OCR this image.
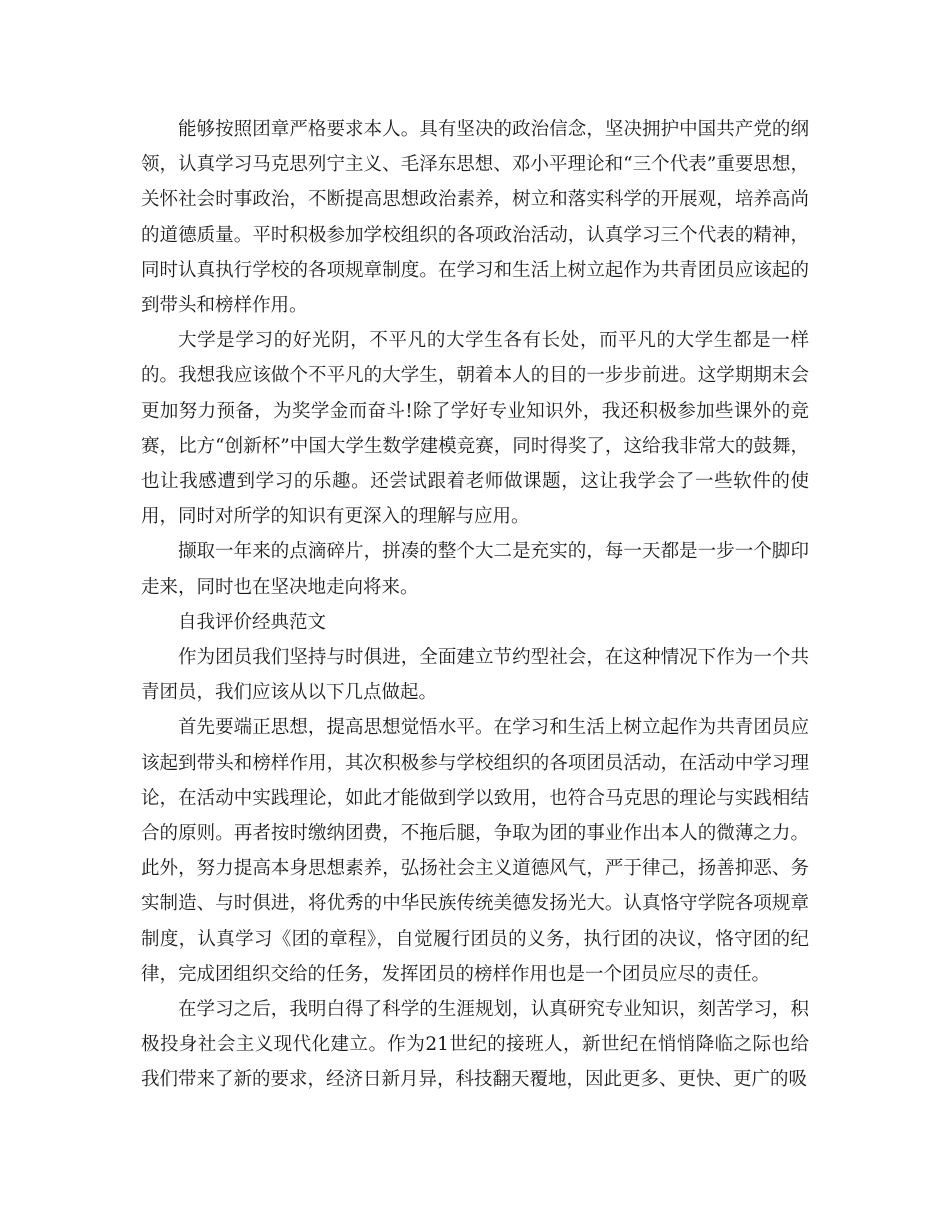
能够按照团章严格要求本人。具有坚决的政治信念，坚决拥护中国共产党的纲领，认真学习马克思列宁主义、毛泽东思想、邓小平理论和“三个代表”重要思想，关怀社会时事政治，不断提高思想政治素养，树立和落实科学的开展观，培养高尚的道德质量。平时积极参加学校组织的各项政治活动，认真学习三个代表的精神，同时认真执行学校的各项规章制度。在学习和生活上树立起作为共青团员应该起的到带头和榜样作用。

大学是学习的好光阴，不平凡的大学生各有长处，而平凡的大学生都是一样的。我想我应该做个不平凡的大学生，朝着本人的目的一步步前进。这学期期末会更加努力预备，为奖学金而奋斗!除了学好专业知识外，我还积极参加些课外的竞赛，比方“创新杯”中国大学生数学建模竞赛，同时得奖了，这给我非常大的鼓舞，也让我感遭到学习的乐趣。还尝试跟着老师做课题，这让我学会了一些软件的使用，同时对所学的知识有更深入的理解与应用。

撷取一年来的点滴碎片，拼凑的整个大二是充实的，每一天都是一步一个脚印走来，同时也在坚决地走向将来。

自我评价经典范文

作为团员我们坚持与时俱进，全面建立节约型社会，在这种情况下作为一个共青团员，我们应该从以下几点做起。

首先要端正思想，提高思想觉悟水平。在学习和生活上树立起作为共青团员应该起到带头和榜样作用，其次积极参与学校组织的各项团员活动，在活动中学习理论，在活动中实践理论，如此才能做到学以致用，也符合马克思的理论与实践相结合的原则。再者按时缴纳团费，不拖后腿，争取为团的事业作出本人的微薄之力。此外，努力提高本身思想素养，弘扬社会主义道德风气，严于律己，扬善抑恶、务实制造、与时俱进，将优秀的中华民族传统美德发扬光大。认真恪守学院各项规章制度，认真学习《团的章程》，自觉履行团员的义务，执行团的决议，恪守团的纪律，完成团组织交给的任务，发挥团员的榜样作用也是一个团员应尽的责任。

在学习之后，我明白得了科学的生涯规划，认真研究专业知识，刻苦学习，积极投身社会主义现代化建立。作为21世纪的接班人，新世纪在悄悄降临之际也给我们带来了新的要求，经济日新月异，科技翻天覆地，因此更多、更快、更广的吸
